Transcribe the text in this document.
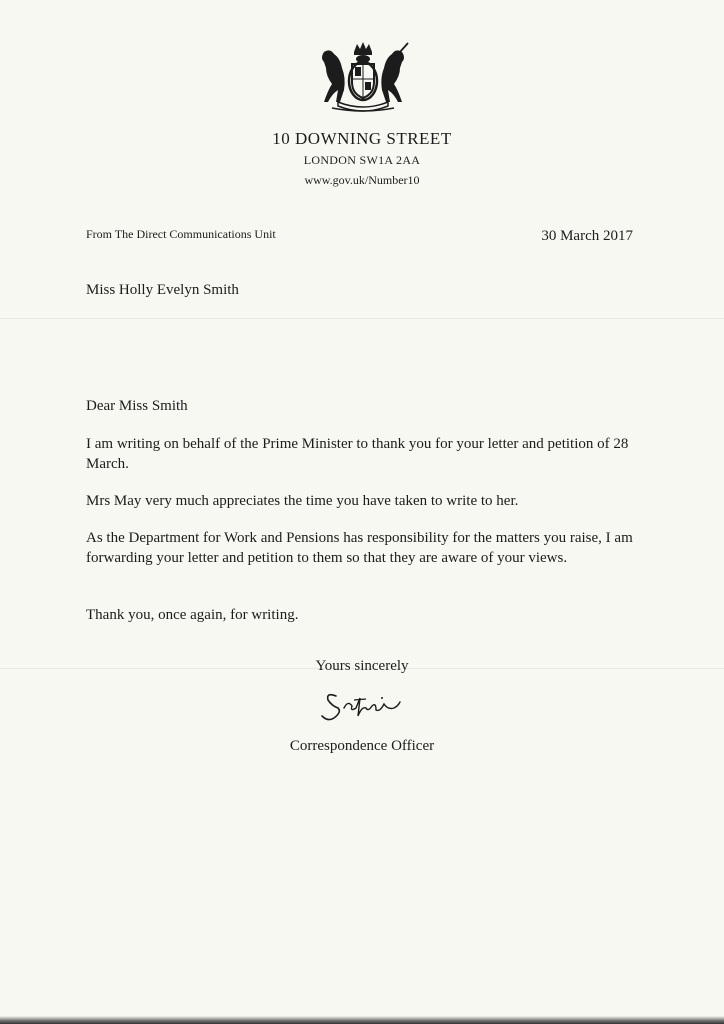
10 DOWNING STREET

LONDON SW1A 2AA

www.gov.uk/Number10

From The Direct Communications Unit	30 March 2017
Miss Holly Evelyn Smith
Dear Miss Smith

I am writing on behalf of the Prime Minister to thank you for your letter and petition of 28 March.

Mrs May very much appreciates the time you have taken to write to her.

As the Department for Work and Pensions has responsibility for the matters you raise, I am forwarding your letter and petition to them so that they are aware of your views.

Thank you, once again, for writing.

Yours sincerely
Correspondence Officer
